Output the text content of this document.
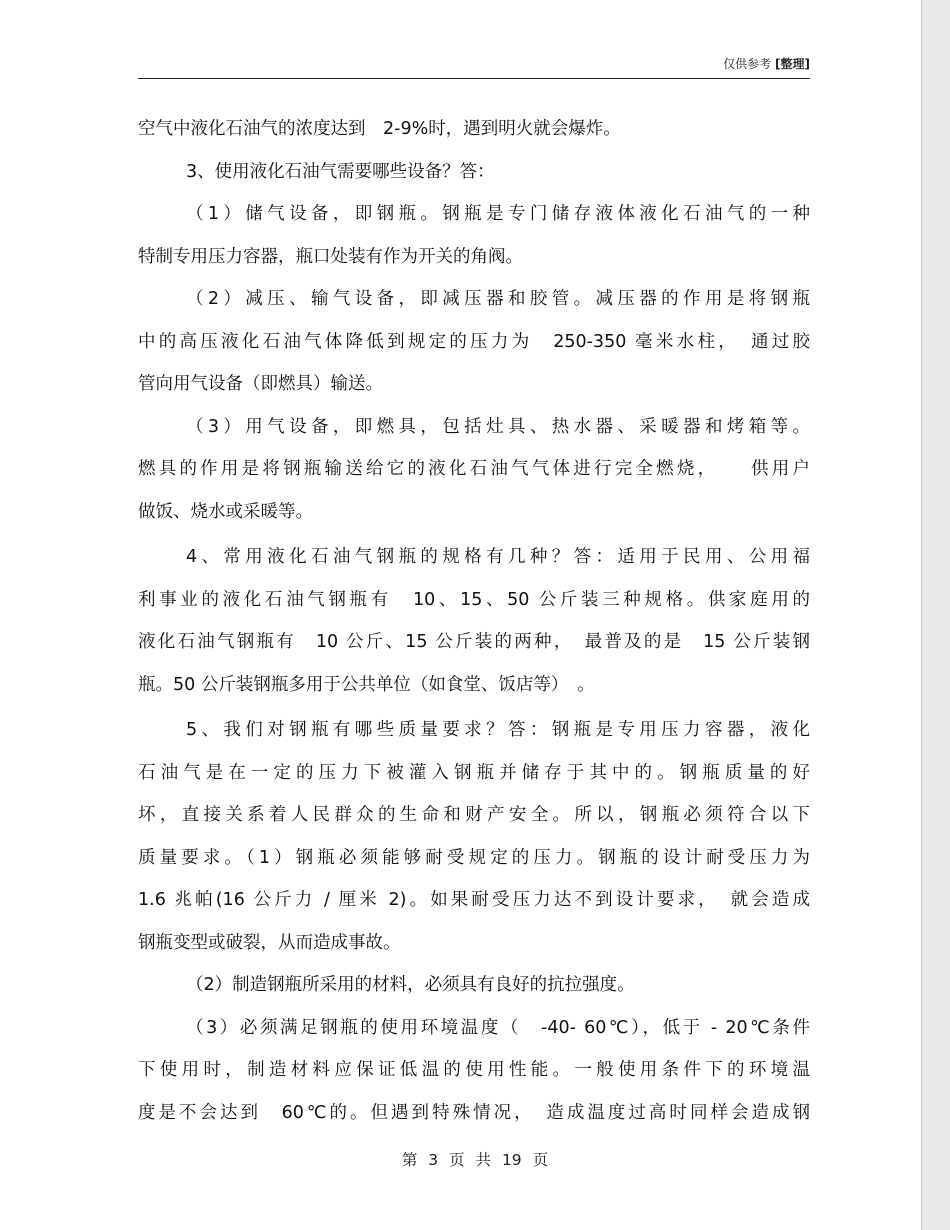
仅供参考 [整理]
空气中液化石油气的浓度达到　2-9%时，遇到明火就会爆炸。
3、使用液化石油气需要哪些设备？答：
（1）储气设备，即钢瓶。钢瓶是专门储存液体液化石油气的一种
特制专用压力容器，瓶口处装有作为开关的角阀。
（2）减压、输气设备，即减压器和胶管。减压器的作用是将钢瓶
中的高压液化石油气体降低到规定的压力为　250-350 毫米水柱，　通过胶
管向用气设备（即燃具）输送。
（3）用气设备，即燃具，包括灶具、热水器、采暖器和烤箱等。
燃具的作用是将钢瓶输送给它的液化石油气气体进行完全燃烧，　　供用户
做饭、烧水或采暖等。
4、常用液化石油气钢瓶的规格有几种？答：适用于民用、公用福
利事业的液化石油气钢瓶有　10、15、50 公斤装三种规格。供家庭用的
液化石油气钢瓶有　10 公斤、15 公斤装的两种，　最普及的是　15 公斤装钢
瓶。50 公斤装钢瓶多用于公共单位（如食堂、饭店等）　。
5、我们对钢瓶有哪些质量要求？答：钢瓶是专用压力容器，液化
石油气是在一定的压力下被灌入钢瓶并储存于其中的。钢瓶质量的好
坏，直接关系着人民群众的生命和财产安全。所以，钢瓶必须符合以下
质量要求。（1）钢瓶必须能够耐受规定的压力。钢瓶的设计耐受压力为
1.6 兆帕(16 公斤力 / 厘米 2)。如果耐受压力达不到设计要求，　就会造成
钢瓶变型或破裂，从而造成事故。
（2）制造钢瓶所采用的材料，必须具有良好的抗拉强度。
（3）必须满足钢瓶的使用环境温度（　-40- 60℃），低于 - 20℃条件
下使用时，制造材料应保证低温的使用性能。一般使用条件下的环境温
度是不会达到　60℃的。但遇到特殊情况，　造成温度过高时同样会造成钢
第 3 页 共 19 页
